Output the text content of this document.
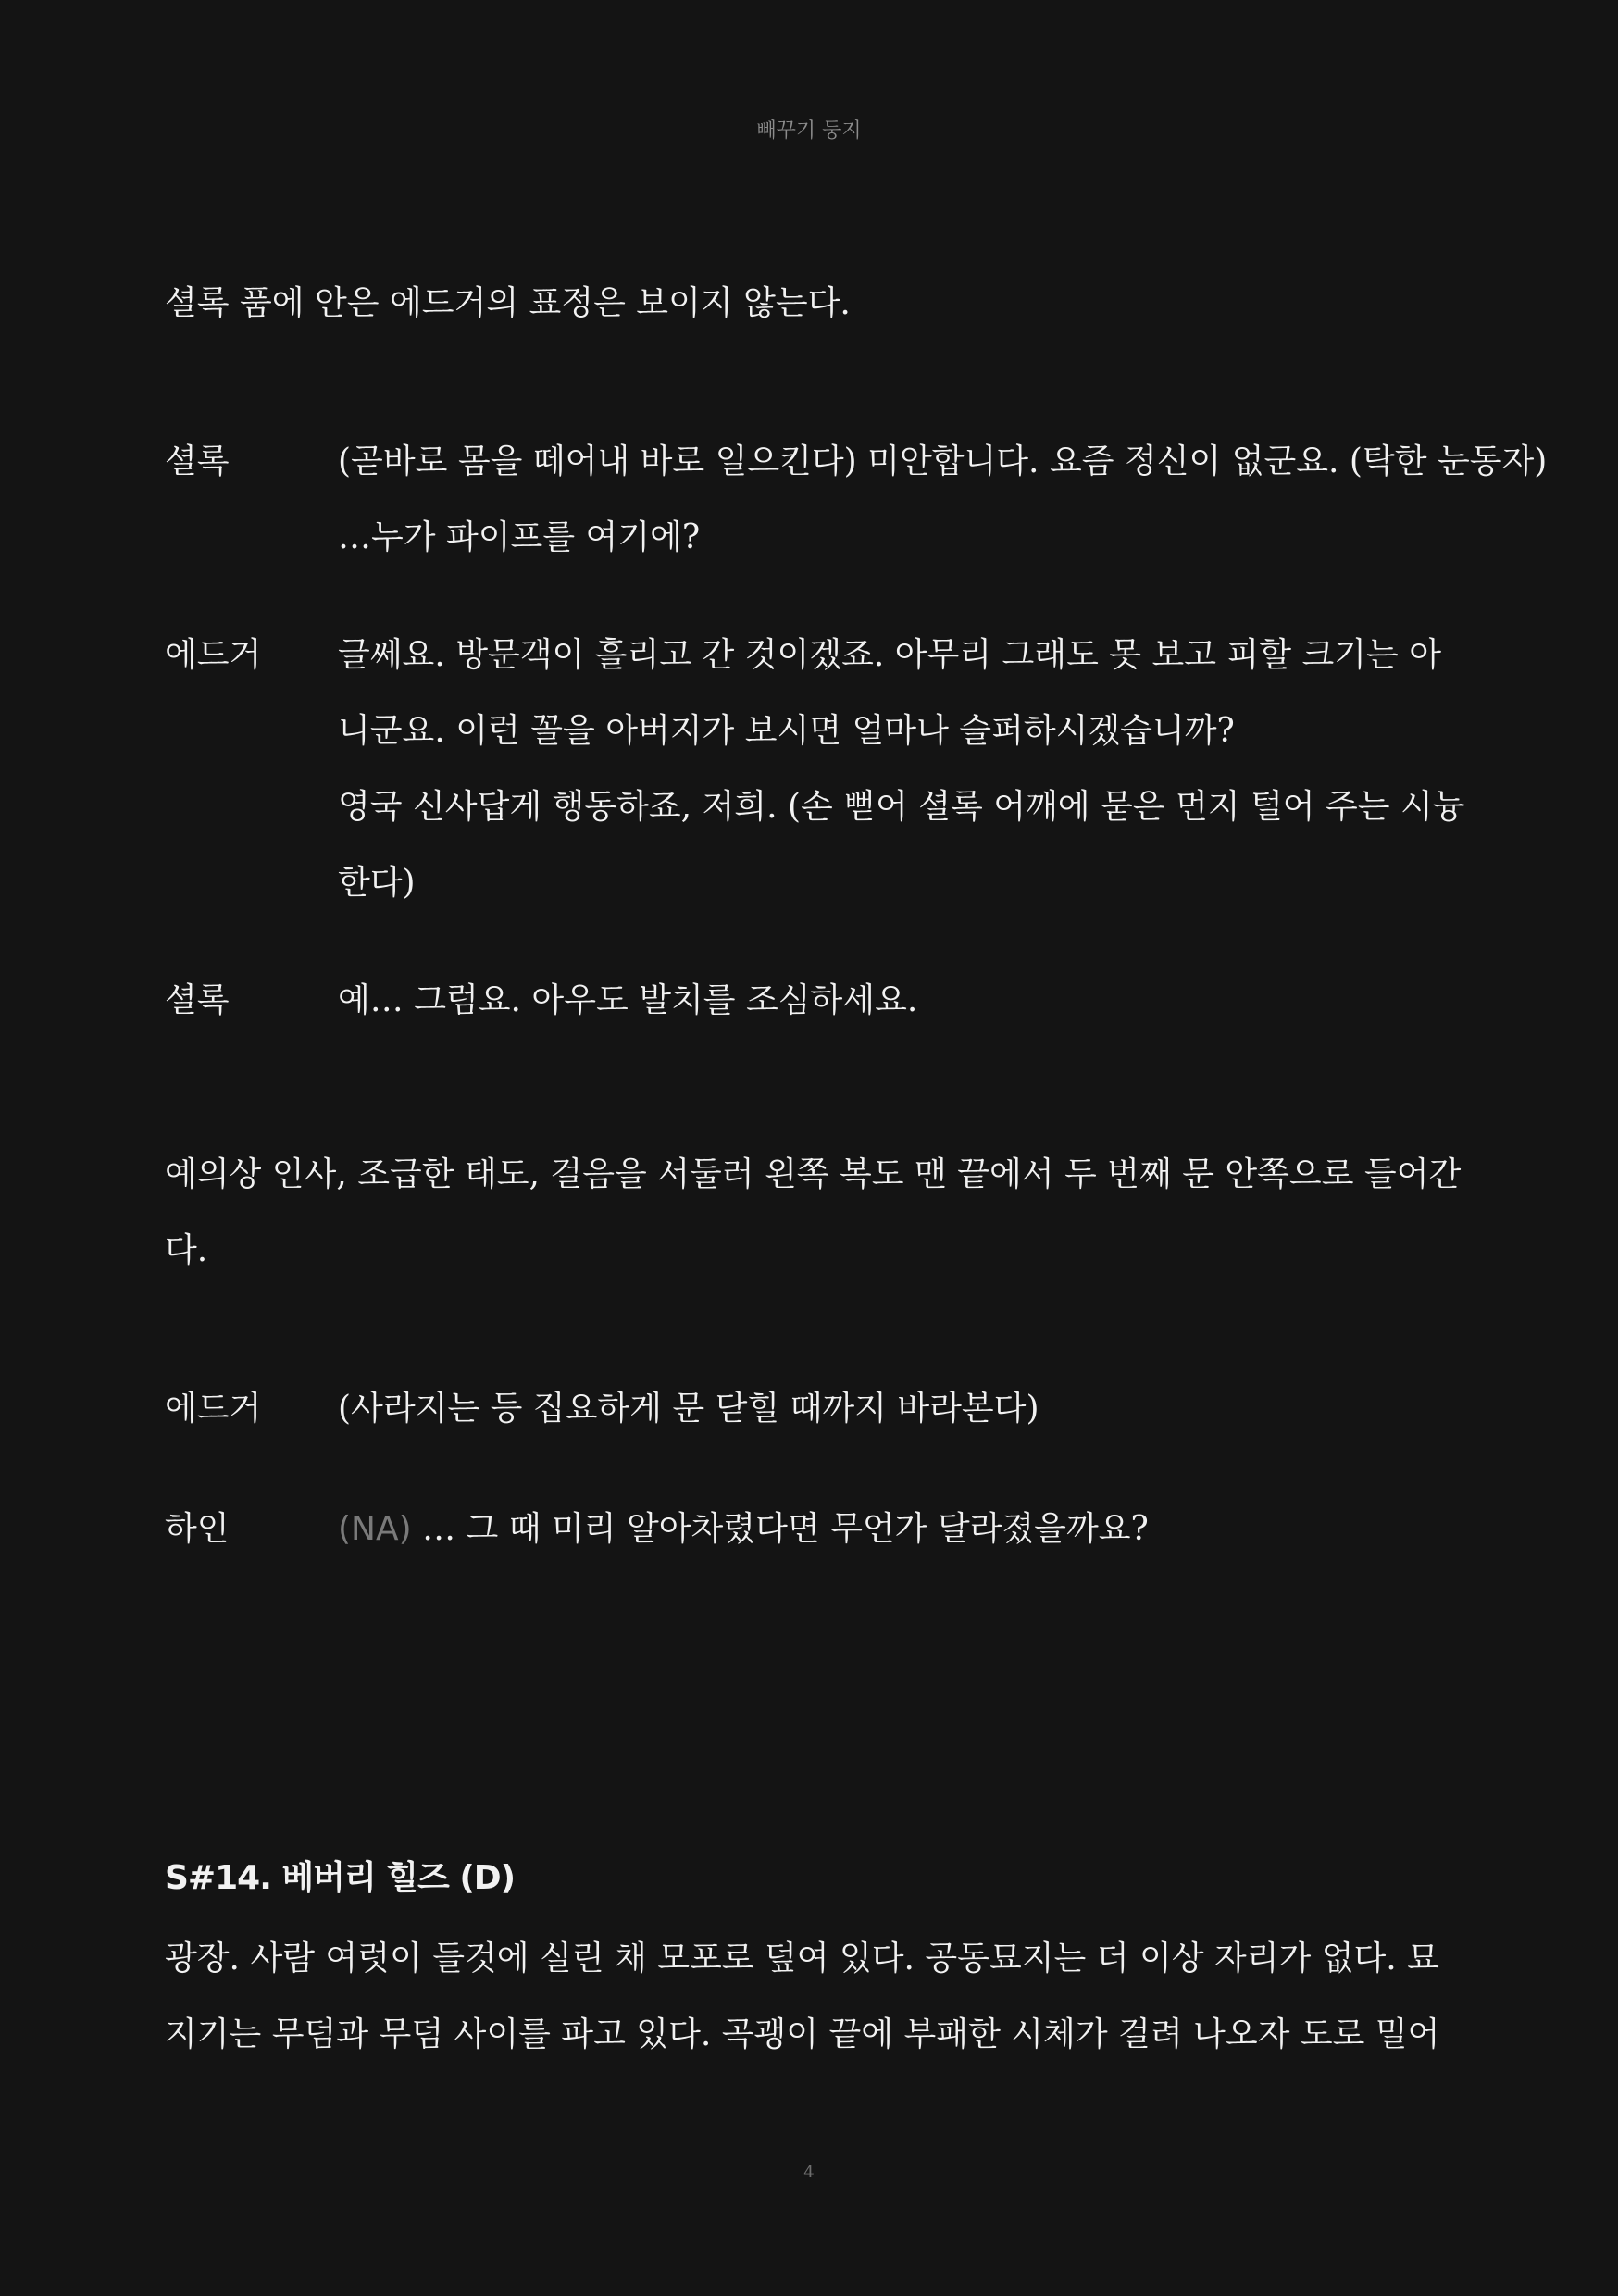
빼꾸기 둥지
셜록 품에 안은 에드거의 표정은 보이지 않는다.
셜록	(곧바로 몸을 떼어내 바로 일으킨다) 미안합니다. 요즘 정신이 없군요. (탁한 눈동자)
…누가 파이프를 여기에?
에드거 글쎄요. 방문객이 흘리고 간 것이겠죠. 아무리 그래도 못 보고 피할 크기는 아
니군요. 이런 꼴을 아버지가 보시면 얼마나 슬퍼하시겠습니까?
영국 신사답게 행동하죠, 저희. (손 뻗어 셜록 어깨에 묻은 먼지 털어 주는 시늉
한다)
셜록	예… 그럼요. 아우도 발치를 조심하세요.
예의상 인사, 조급한 태도, 걸음을 서둘러 왼쪽 복도 맨 끝에서 두 번째 문 안쪽으로 들어간
다.
에드거 (사라지는 등 집요하게 문 닫힐 때까지 바라본다)
하인	(NA) … 그 때 미리 알아차렸다면 무언가 달라졌을까요?
S#14. 베버리 힐즈 (D)
광장. 사람 여럿이 들것에 실린 채 모포로 덮여 있다. 공동묘지는 더 이상 자리가 없다. 묘
지기는 무덤과 무덤 사이를 파고 있다. 곡괭이 끝에 부패한 시체가 걸려 나오자 도로 밀어
4
